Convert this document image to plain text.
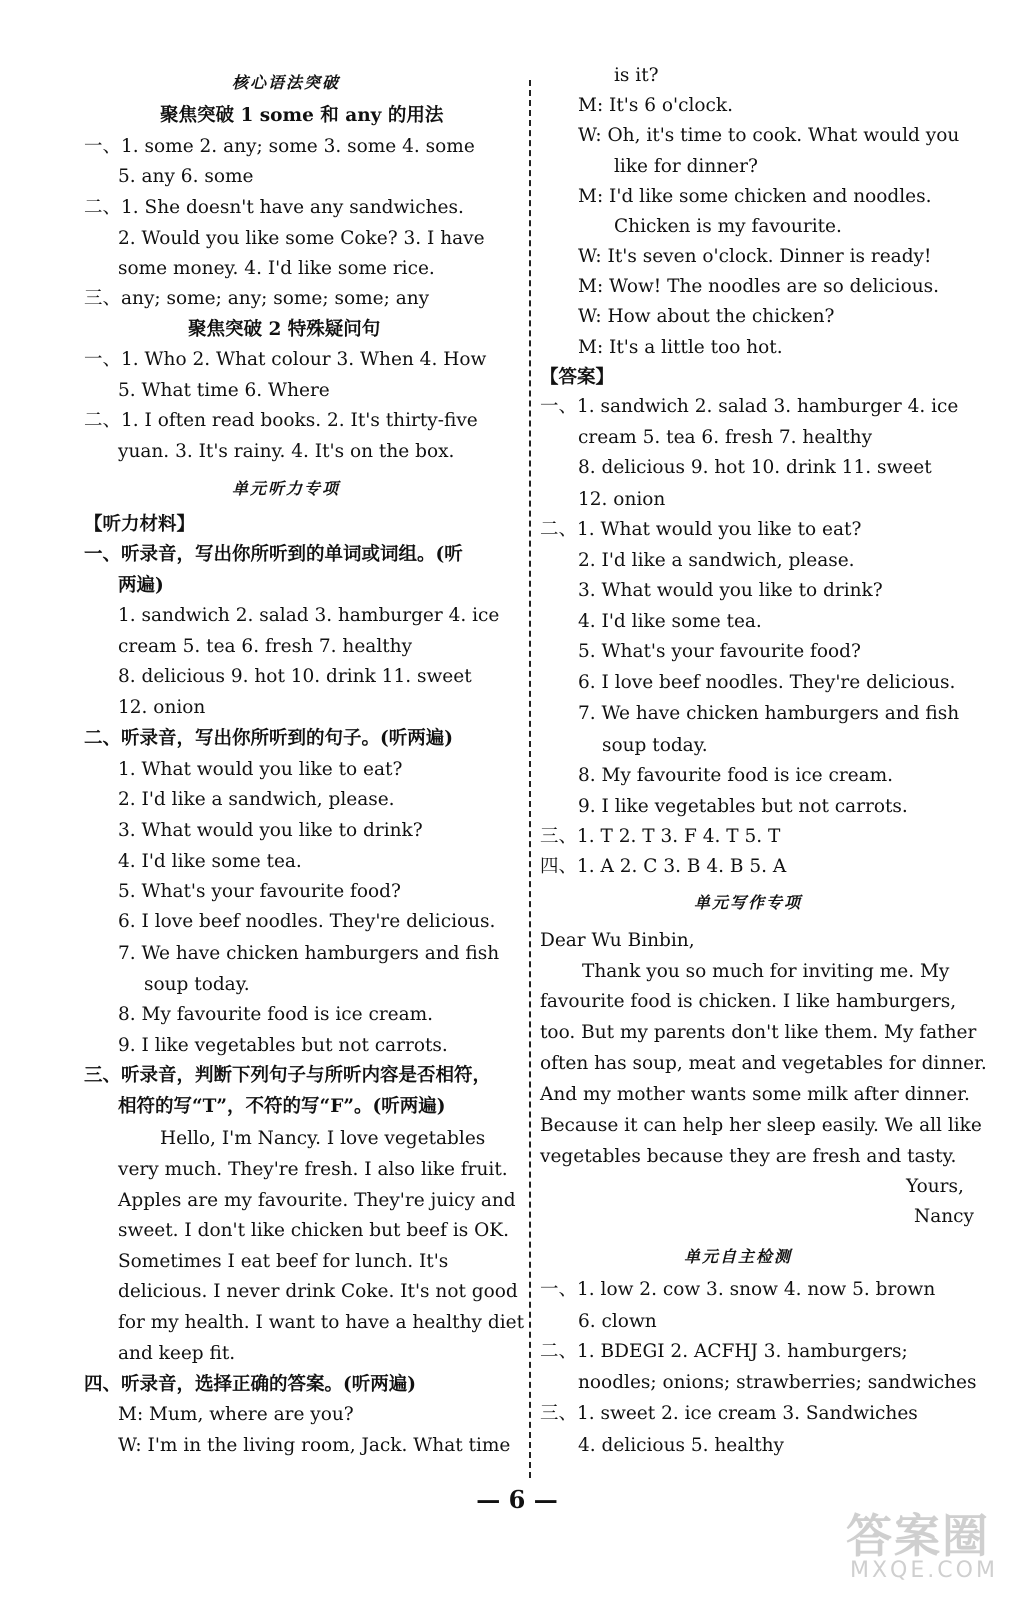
核心语法突破
聚焦突破 1 some 和 any 的用法
一、1. some 2. any; some 3. some 4. some
5. any 6. some
二、1. She doesn't have any sandwiches.
2. Would you like some Coke? 3. I have
some money. 4. I'd like some rice.
三、any; some; any; some; some; any
聚焦突破 2 特殊疑问句
一、1. Who 2. What colour 3. When 4. How
5. What time 6. Where
二、1. I often read books. 2. It's thirty-five
yuan. 3. It's rainy. 4. It's on the box.
单元听力专项
【听力材料】
一、听录音，写出你所听到的单词或词组。(听
两遍)
1. sandwich 2. salad 3. hamburger 4. ice
cream 5. tea 6. fresh 7. healthy
8. delicious 9. hot 10. drink 11. sweet
12. onion
二、听录音，写出你所听到的句子。(听两遍)
1. What would you like to eat?
2. I'd like a sandwich, please.
3. What would you like to drink?
4. I'd like some tea.
5. What's your favourite food?
6. I love beef noodles. They're delicious.
7. We have chicken hamburgers and fish
soup today.
8. My favourite food is ice cream.
9. I like vegetables but not carrots.
三、听录音，判断下列句子与所听内容是否相符，
相符的写“T”，不符的写“F”。(听两遍)
Hello, I'm Nancy. I love vegetables
very much. They're fresh. I also like fruit.
Apples are my favourite. They're juicy and
sweet. I don't like chicken but beef is OK.
Sometimes I eat beef for lunch. It's
delicious. I never drink Coke. It's not good
for my health. I want to have a healthy diet
and keep fit.
四、听录音，选择正确的答案。(听两遍)
M: Mum, where are you?
W: I'm in the living room, Jack. What time
is it?
M: It's 6 o'clock.
W: Oh, it's time to cook. What would you
like for dinner?
M: I'd like some chicken and noodles.
Chicken is my favourite.
W: It's seven o'clock. Dinner is ready!
M: Wow! The noodles are so delicious.
W: How about the chicken?
M: It's a little too hot.
【答案】
一、1. sandwich 2. salad 3. hamburger 4. ice
cream 5. tea 6. fresh 7. healthy
8. delicious 9. hot 10. drink 11. sweet
12. onion
二、1. What would you like to eat?
2. I'd like a sandwich, please.
3. What would you like to drink?
4. I'd like some tea.
5. What's your favourite food?
6. I love beef noodles. They're delicious.
7. We have chicken hamburgers and fish
soup today.
8. My favourite food is ice cream.
9. I like vegetables but not carrots.
三、1. T 2. T 3. F 4. T 5. T
四、1. A 2. C 3. B 4. B 5. A
单元写作专项
Dear Wu Binbin,
Thank you so much for inviting me. My
favourite food is chicken. I like hamburgers,
too. But my parents don't like them. My father
often has soup, meat and vegetables for dinner.
And my mother wants some milk after dinner.
Because it can help her sleep easily. We all like
vegetables because they are fresh and tasty.
Yours,
Nancy
单元自主检测
一、1. low 2. cow 3. snow 4. now 5. brown
6. clown
二、1. BDEGI 2. ACFHJ 3. hamburgers;
noodles; onions; strawberries; sandwiches
三、1. sweet 2. ice cream 3. Sandwiches
4. delicious 5. healthy
— 6 —
答案圈
MXQE.COM
